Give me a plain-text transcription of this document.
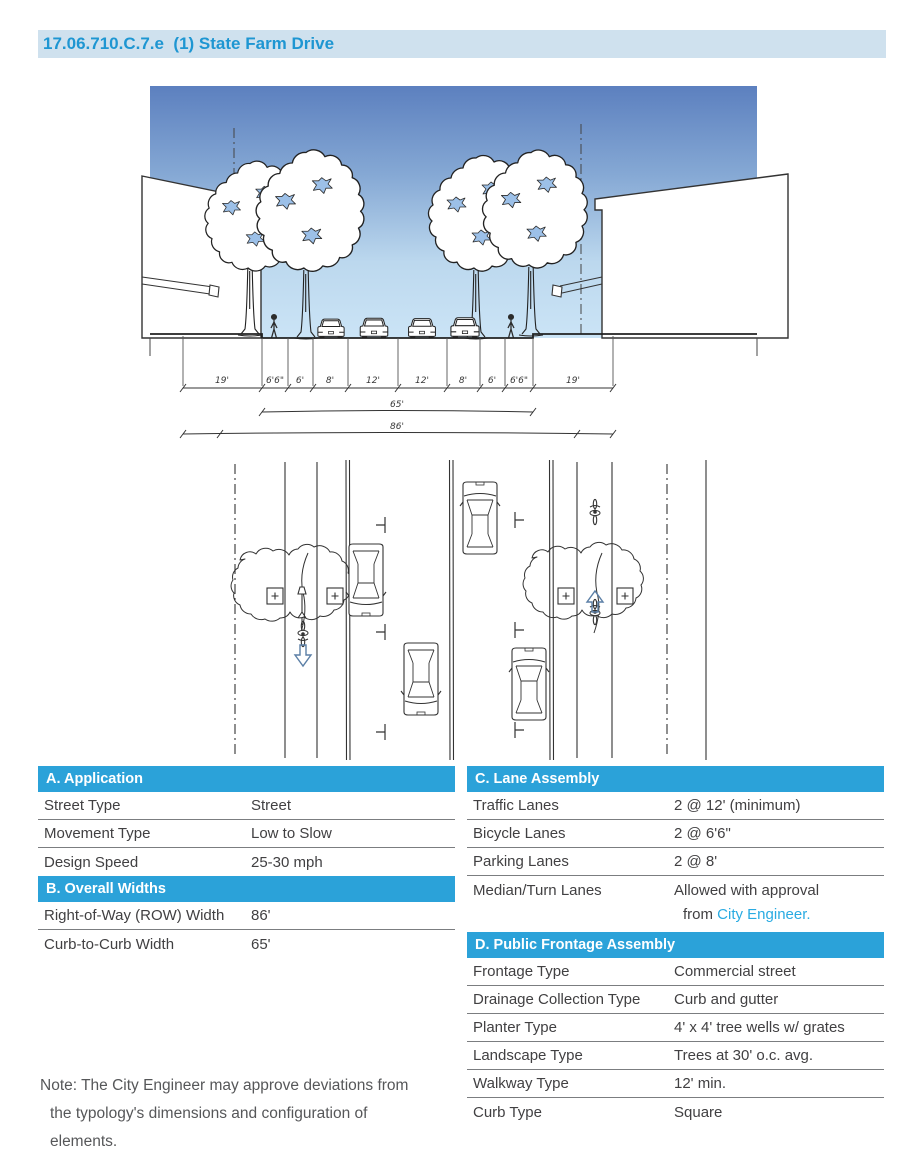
17.06.710.C.7.e  (1) State Farm Drive
19'	6'6" 6' 8'	12'	12'	8' 6' 6'6"	19'
65'
86'
A. Application
Street Type	Street
Movement Type	Low to Slow
Design Speed	25-30 mph
B. Overall Widths
Right-of-Way (ROW) Width	86'
Curb-to-Curb Width	65'
C. Lane Assembly
Traffic Lanes	2 @ 12' (minimum)
Bicycle Lanes	2 @ 6'6"
Parking Lanes	2 @ 8'
Median/Turn Lanes	Allowed with approval
from City Engineer.
D. Public Frontage Assembly
Frontage Type	Commercial street
Drainage Collection Type	Curb and gutter
Planter Type	4' x 4' tree wells w/ grates
Landscape Type	Trees at 30' o.c. avg.
Walkway Type	12' min.
Curb Type	Square
Note: The City Engineer may approve deviations from
the typology's dimensions and configuration of
elements.
